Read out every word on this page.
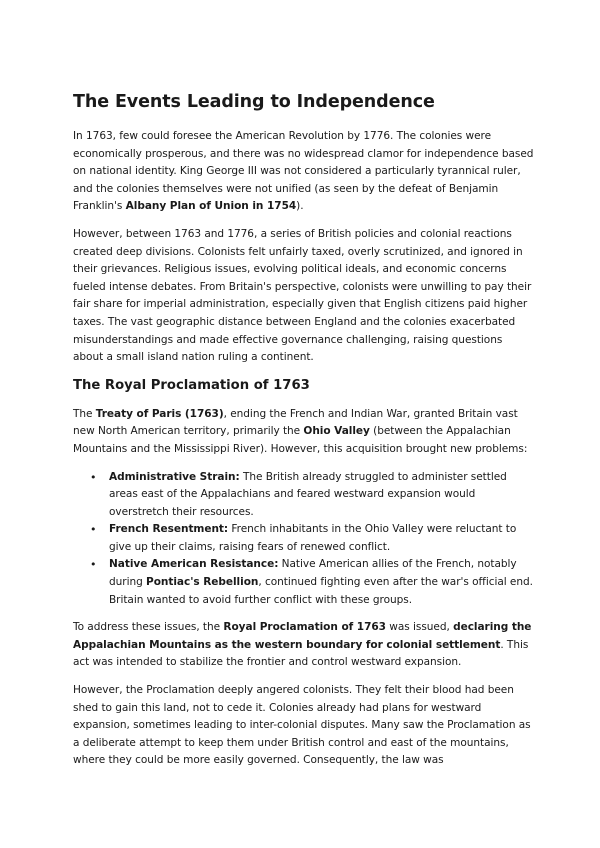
The Events Leading to Independence

In 1763, few could foresee the American Revolution by 1776. The colonies were economically prosperous, and there was no widespread clamor for independence based on national identity. King George III was not considered a particularly tyrannical ruler, and the colonies themselves were not unified (as seen by the defeat of Benjamin Franklin's Albany Plan of Union in 1754).

However, between 1763 and 1776, a series of British policies and colonial reactions created deep divisions. Colonists felt unfairly taxed, overly scrutinized, and ignored in their grievances. Religious issues, evolving political ideals, and economic concerns fueled intense debates. From Britain's perspective, colonists were unwilling to pay their fair share for imperial administration, especially given that English citizens paid higher taxes. The vast geographic distance between England and the colonies exacerbated misunderstandings and made effective governance challenging, raising questions about a small island nation ruling a continent.

The Royal Proclamation of 1763

The Treaty of Paris (1763), ending the French and Indian War, granted Britain vast new North American territory, primarily the Ohio Valley (between the Appalachian Mountains and the Mississippi River). However, this acquisition brought new problems:

• Administrative Strain: The British already struggled to administer settled areas east of the Appalachians and feared westward expansion would overstretch their resources.
• French Resentment: French inhabitants in the Ohio Valley were reluctant to give up their claims, raising fears of renewed conflict.
• Native American Resistance: Native American allies of the French, notably during Pontiac's Rebellion, continued fighting even after the war's official end. Britain wanted to avoid further conflict with these groups.

To address these issues, the Royal Proclamation of 1763 was issued, declaring the Appalachian Mountains as the western boundary for colonial settlement. This act was intended to stabilize the frontier and control westward expansion.

However, the Proclamation deeply angered colonists. They felt their blood had been shed to gain this land, not to cede it. Colonies already had plans for westward expansion, sometimes leading to inter-colonial disputes. Many saw the Proclamation as a deliberate attempt to keep them under British control and east of the mountains, where they could be more easily governed. Consequently, the law was
